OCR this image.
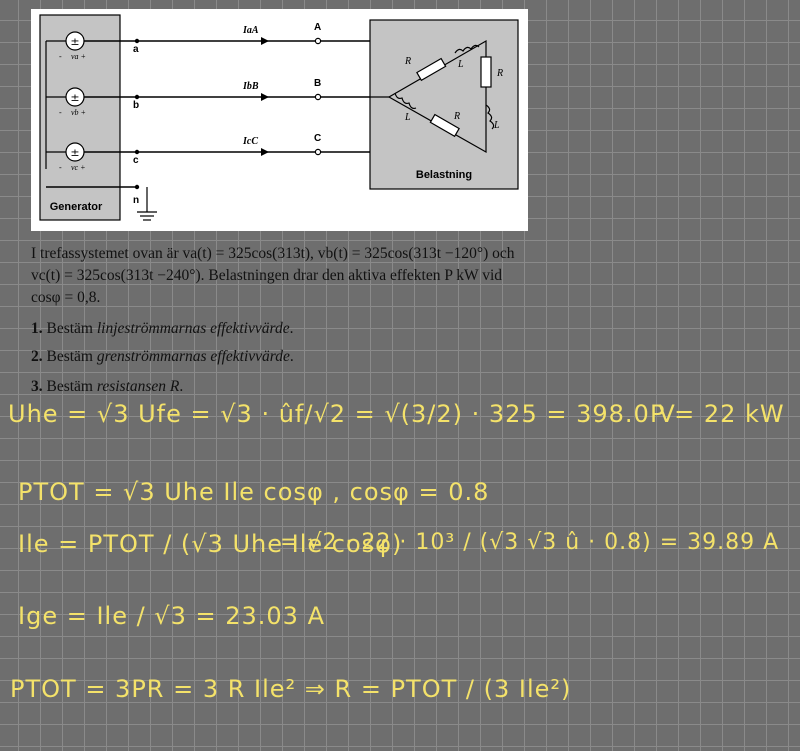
±
- va +
±
- vb +
±
- vc +
a
b
c
n
A
B
C
IaA
IbB
IcC
Generator
Belastning
R	L
R
L	R
L

I trefassystemet ovan är va(t) = 325cos(313t), vb(t) = 325cos(313t −120°) och

vc(t) = 325cos(313t −240°). Belastningen drar den aktiva effekten P kW vid

cosφ = 0,8.

1. Bestäm linjeströmmarnas effektivvärde.

2. Bestäm grenströmmarnas effektivvärde.

3. Bestäm resistansen R.

Uhe = √3 Ufe = √3 · ûf/√2 = √(3/2) · 325 = 398.0 V
P = 22 kW
PTOT = √3 Uhe Ile cosφ , cosφ = 0.8
Ile = PTOT / (√3 Uhe Ile cosφ)
= √2 · 22 · 10³ / (√3 √3 û · 0.8) = 39.89 A
Ige = Ile / √3 = 23.03 A
PTOT = 3PR = 3 R Ile² ⇒ R = PTOT / (3 Ile²)
